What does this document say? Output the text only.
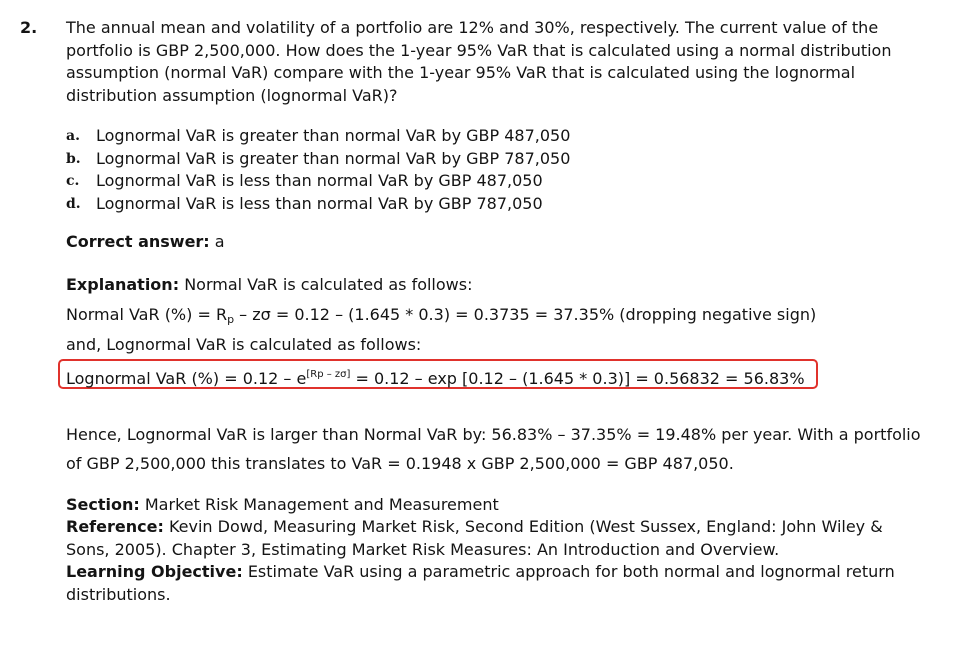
2. The annual mean and volatility of a portfolio are 12% and 30%, respectively. The current value of the portfolio is GBP 2,500,000. How does the 1-year 95% VaR that is calculated using a normal distribution assumption (normal VaR) compare with the 1-year 95% VaR that is calculated using the lognormal distribution assumption (lognormal VaR)?
a.	Lognormal VaR is greater than normal VaR by GBP 487,050
b. Lognormal VaR is greater than normal VaR by GBP 787,050
c.	Lognormal VaR is less than normal VaR by GBP 487,050
d. Lognormal VaR is less than normal VaR by GBP 787,050
Correct answer: a
Explanation: Normal VaR is calculated as follows:
Normal VaR (%) = $R_p - z\sigma = 0.12 - (1.645 * 0.3) = 0.3735 = 37.35\%$ (dropping negative sign)
and, Lognormal VaR is calculated as follows:
Lognormal VaR (%) = 0.12 – e[Rp – zσ] = 0.12 – exp [0.12 – (1.645 * 0.3)] = 0.56832 = 56.83%
Hence, Lognormal VaR is larger than Normal VaR by: 56.83% – 37.35% = 19.48% per year. With a portfolio of GBP 2,500,000 this translates to VaR = 0.1948 x GBP 2,500,000 = GBP 487,050.
Section: Market Risk Management and Measurement
Reference: Kevin Dowd, Measuring Market Risk, Second Edition (West Sussex, England: John Wiley & Sons, 2005). Chapter 3, Estimating Market Risk Measures: An Introduction and Overview.
Learning Objective: Estimate VaR using a parametric approach for both normal and lognormal return distributions.
